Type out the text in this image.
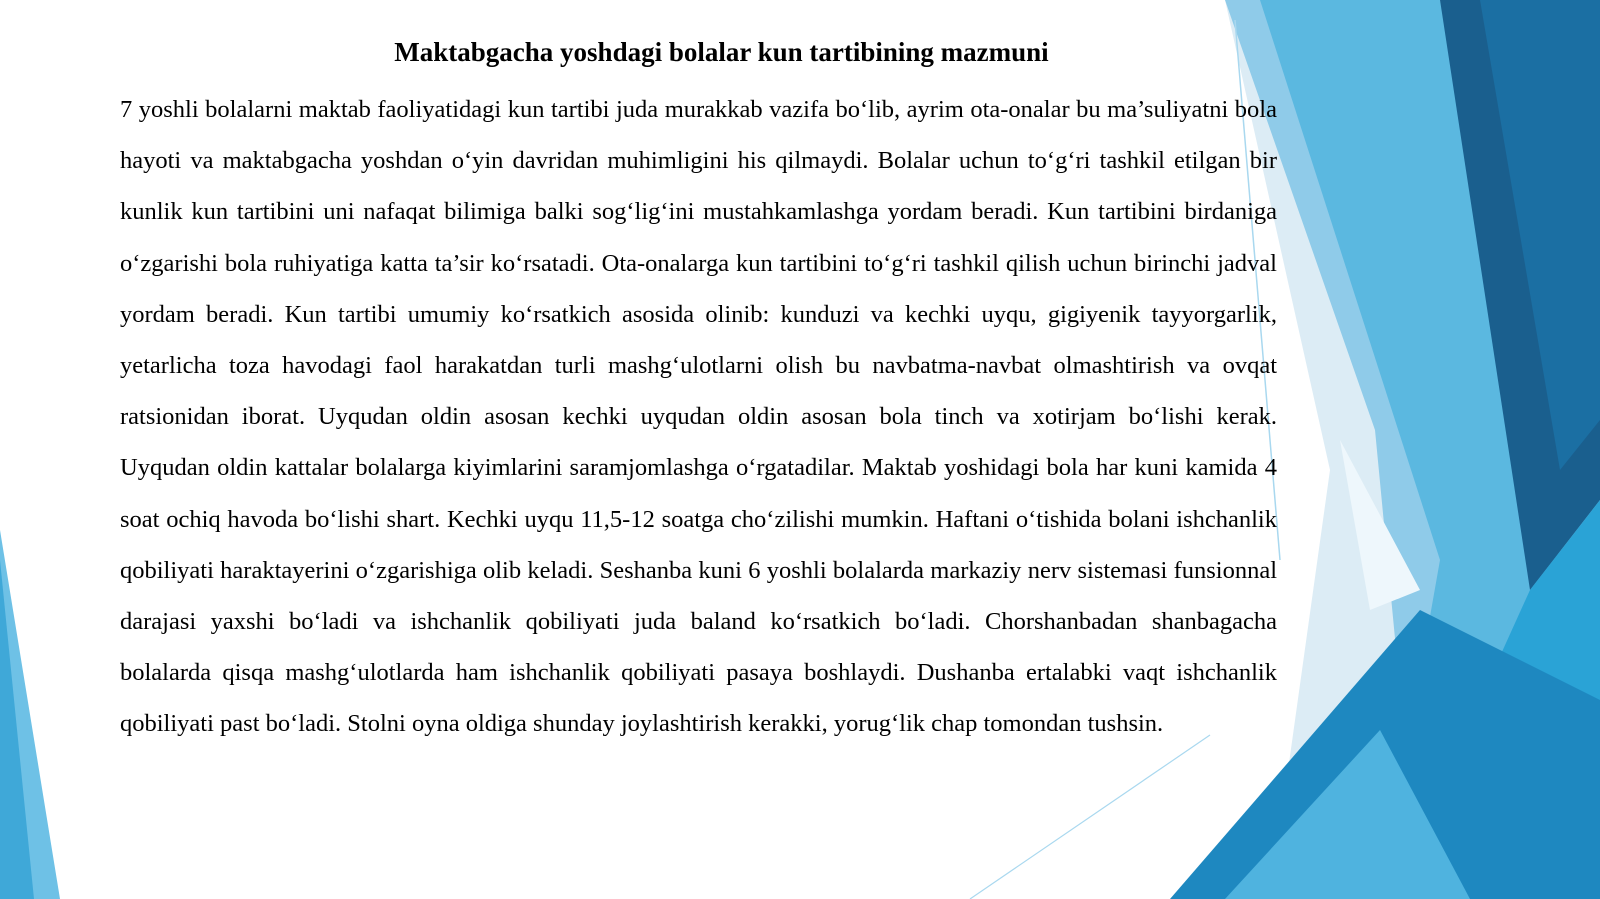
Maktabgacha yoshdagi bolalar kun tartibining mazmuni

7 yoshli bolalarni maktab faoliyatidagi kun tartibi juda murakkab vazifa bo‘lib, ayrim ota-onalar bu ma’suliyatni bola hayoti va maktabgacha yoshdan o‘yin davridan muhimligini his qilmaydi. Bolalar uchun to‘g‘ri tashkil etilgan bir kunlik kun tartibini uni nafaqat bilimiga balki sog‘lig‘ini mustahkamlashga yordam beradi. Kun tartibini birdaniga o‘zgarishi bola ruhiyatiga katta ta’sir ko‘rsatadi. Ota-onalarga kun tartibini to‘g‘ri tashkil qilish uchun birinchi jadval yordam beradi. Kun tartibi umumiy ko‘rsatkich asosida olinib: kunduzi va kechki uyqu, gigiyenik tayyorgarlik, yetarlicha toza havodagi faol harakatdan turli mashg‘ulotlarni olish bu navbatma-navbat olmashtirish va ovqat ratsionidan iborat. Uyqudan oldin asosan kechki uyqudan oldin asosan bola tinch va xotirjam bo‘lishi kerak. Uyqudan oldin kattalar bolalarga kiyimlarini saramjomlashga o‘rgatadilar. Maktab yoshidagi bola har kuni kamida 4 soat ochiq havoda bo‘lishi shart. Kechki uyqu 11,5-12 soatga cho‘zilishi mumkin. Haftani o‘tishida bolani ishchanlik qobiliyati haraktayerini o‘zgarishiga olib keladi. Seshanba kuni 6 yoshli bolalarda markaziy nerv sistemasi funsionnal darajasi yaxshi bo‘ladi va ishchanlik qobiliyati juda baland ko‘rsatkich bo‘ladi. Chorshanbadan shanbagacha bolalarda qisqa mashg‘ulotlarda ham ishchanlik qobiliyati pasaya boshlaydi. Dushanba ertalabki vaqt ishchanlik qobiliyati past bo‘ladi. Stolni oyna oldiga shunday joylashtirish kerakki, yorug‘lik chap tomondan tushsin.
